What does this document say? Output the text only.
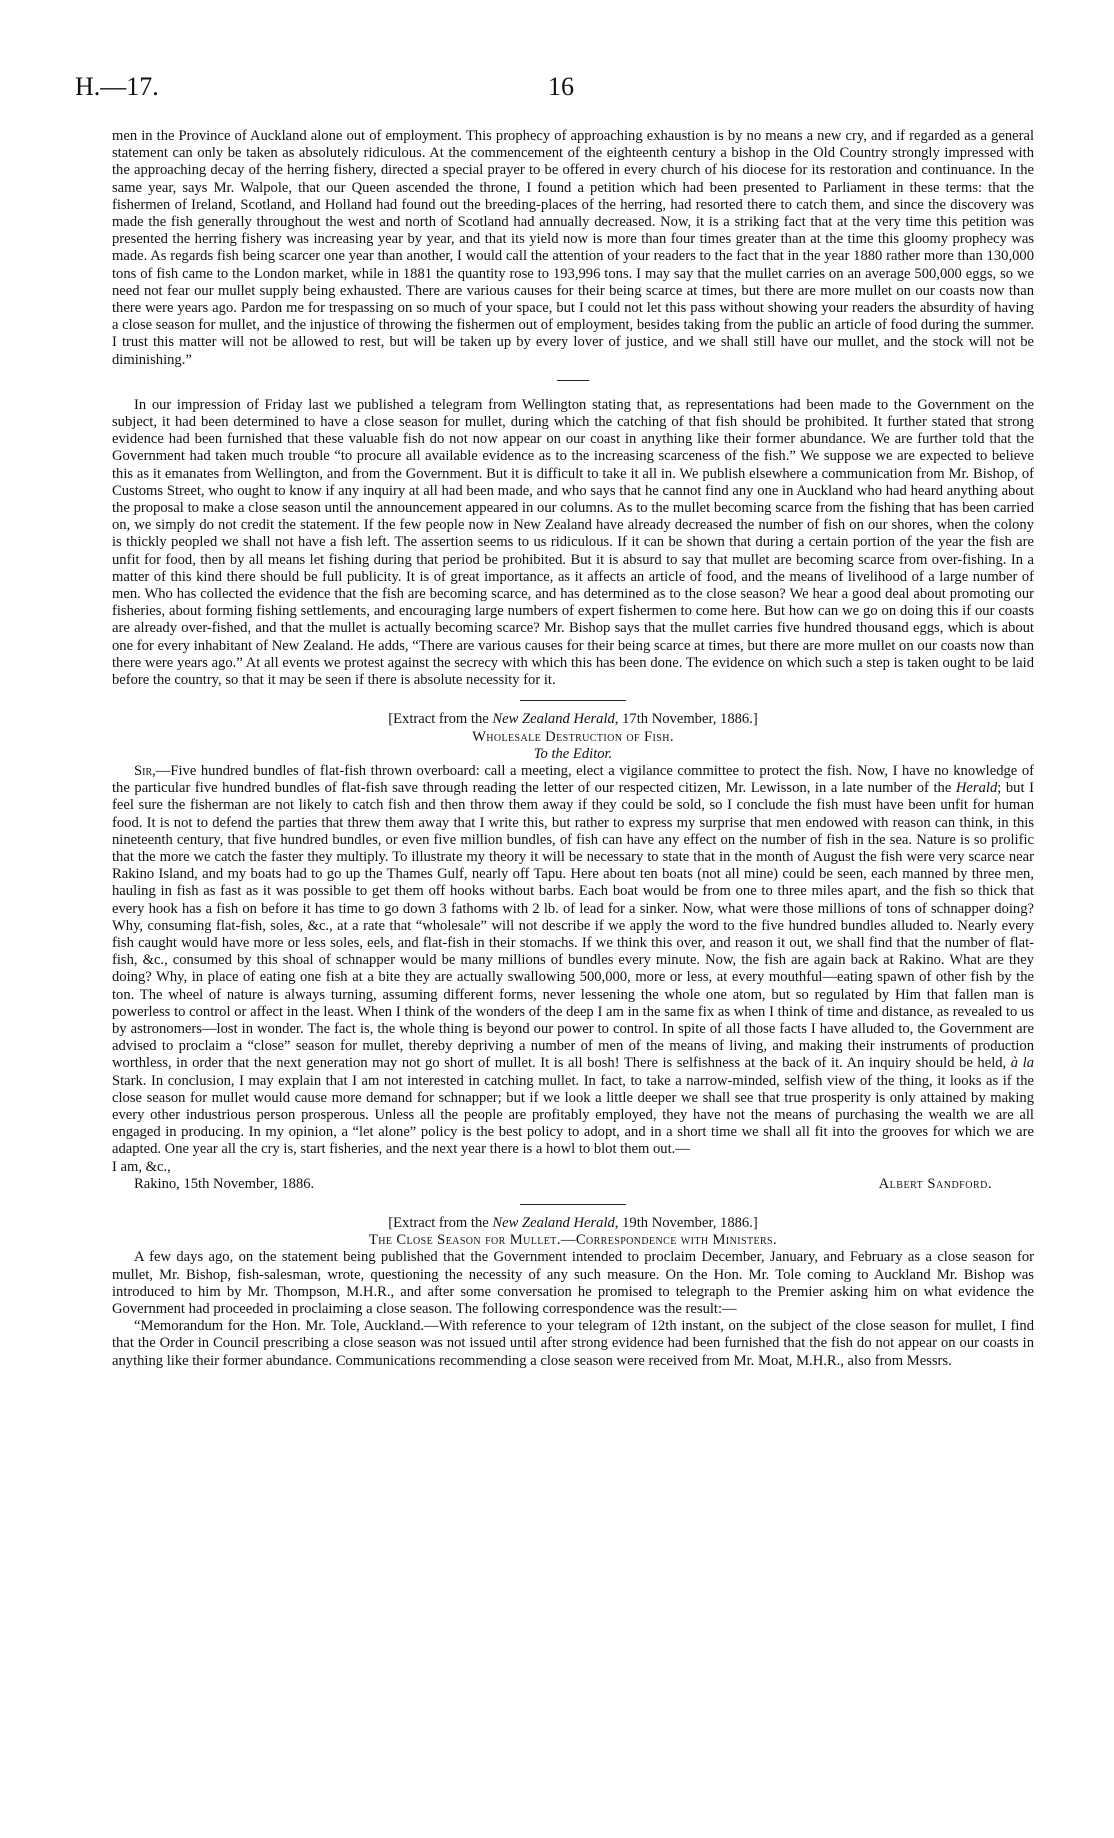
H.—17.	16

men in the Province of Auckland alone out of employment. This prophecy of approaching exhaustion is by no means a new cry, and if regarded as a general statement can only be taken as absolutely ridiculous. At the commencement of the eighteenth century a bishop in the Old Country strongly impressed with the approaching decay of the herring fishery, directed a special prayer to be offered in every church of his diocese for its restoration and continuance. In the same year, says Mr. Walpole, that our Queen ascended the throne, I found a petition which had been presented to Parliament in these terms: that the fishermen of Ireland, Scotland, and Holland had found out the breeding-places of the herring, had resorted there to catch them, and since the discovery was made the fish generally throughout the west and north of Scotland had annually decreased. Now, it is a striking fact that at the very time this petition was presented the herring fishery was increasing year by year, and that its yield now is more than four times greater than at the time this gloomy prophecy was made. As regards fish being scarcer one year than another, I would call the attention of your readers to the fact that in the year 1880 rather more than 130,000 tons of fish came to the London market, while in 1881 the quantity rose to 193,996 tons. I may say that the mullet carries on an average 500,000 eggs, so we need not fear our mullet supply being exhausted. There are various causes for their being scarce at times, but there are more mullet on our coasts now than there were years ago. Pardon me for trespassing on so much of your space, but I could not let this pass without showing your readers the absurdity of having a close season for mullet, and the injustice of throwing the fishermen out of employment, besides taking from the public an article of food during the summer. I trust this matter will not be allowed to rest, but will be taken up by every lover of justice, and we shall still have our mullet, and the stock will not be diminishing.”

In our impression of Friday last we published a telegram from Wellington stating that, as representations had been made to the Government on the subject, it had been determined to have a close season for mullet, during which the catching of that fish should be prohibited. It further stated that strong evidence had been furnished that these valuable fish do not now appear on our coast in anything like their former abundance. We are further told that the Government had taken much trouble “to procure all available evidence as to the increasing scarceness of the fish.” We suppose we are expected to believe this as it emanates from Wellington, and from the Government. But it is difficult to take it all in. We publish elsewhere a communication from Mr. Bishop, of Customs Street, who ought to know if any inquiry at all had been made, and who says that he cannot find any one in Auckland who had heard anything about the proposal to make a close season until the announcement appeared in our columns. As to the mullet becoming scarce from the fishing that has been carried on, we simply do not credit the statement. If the few people now in New Zealand have already decreased the number of fish on our shores, when the colony is thickly peopled we shall not have a fish left. The assertion seems to us ridiculous. If it can be shown that during a certain portion of the year the fish are unfit for food, then by all means let fishing during that period be prohibited. But it is absurd to say that mullet are becoming scarce from over-fishing. In a matter of this kind there should be full publicity. It is of great importance, as it affects an article of food, and the means of livelihood of a large number of men. Who has collected the evidence that the fish are becoming scarce, and has determined as to the close season? We hear a good deal about promoting our fisheries, about forming fishing settlements, and encouraging large numbers of expert fishermen to come here. But how can we go on doing this if our coasts are already over-fished, and that the mullet is actually becoming scarce? Mr. Bishop says that the mullet carries five hundred thousand eggs, which is about one for every inhabitant of New Zealand. He adds, “There are various causes for their being scarce at times, but there are more mullet on our coasts now than there were years ago.” At all events we protest against the secrecy with which this has been done. The evidence on which such a step is taken ought to be laid before the country, so that it may be seen if there is absolute necessity for it.

[Extract from the New Zealand Herald, 17th November, 1886.]

Wholesale Destruction of Fish.

To the Editor.

Sir,—Five hundred bundles of flat-fish thrown overboard: call a meeting, elect a vigilance committee to protect the fish. Now, I have no knowledge of the particular five hundred bundles of flat-fish save through reading the letter of our respected citizen, Mr. Lewisson, in a late number of the Herald; but I feel sure the fisherman are not likely to catch fish and then throw them away if they could be sold, so I conclude the fish must have been unfit for human food. It is not to defend the parties that threw them away that I write this, but rather to express my surprise that men endowed with reason can think, in this nineteenth century, that five hundred bundles, or even five million bundles, of fish can have any effect on the number of fish in the sea. Nature is so prolific that the more we catch the faster they multiply. To illustrate my theory it will be necessary to state that in the month of August the fish were very scarce near Rakino Island, and my boats had to go up the Thames Gulf, nearly off Tapu. Here about ten boats (not all mine) could be seen, each manned by three men, hauling in fish as fast as it was possible to get them off hooks without barbs. Each boat would be from one to three miles apart, and the fish so thick that every hook has a fish on before it has time to go down 3 fathoms with 2 lb. of lead for a sinker. Now, what were those millions of tons of schnapper doing? Why, consuming flat-fish, soles, &c., at a rate that “wholesale” will not describe if we apply the word to the five hundred bundles alluded to. Nearly every fish caught would have more or less soles, eels, and flat-fish in their stomachs. If we think this over, and reason it out, we shall find that the number of flat-fish, &c., consumed by this shoal of schnapper would be many millions of bundles every minute. Now, the fish are again back at Rakino. What are they doing? Why, in place of eating one fish at a bite they are actually swallowing 500,000, more or less, at every mouthful—eating spawn of other fish by the ton. The wheel of nature is always turning, assuming different forms, never lessening the whole one atom, but so regulated by Him that fallen man is powerless to control or affect in the least. When I think of the wonders of the deep I am in the same fix as when I think of time and distance, as revealed to us by astronomers—lost in wonder. The fact is, the whole thing is beyond our power to control. In spite of all those facts I have alluded to, the Government are advised to proclaim a “close” season for mullet, thereby depriving a number of men of the means of living, and making their instruments of production worthless, in order that the next generation may not go short of mullet. It is all bosh! There is selfishness at the back of it. An inquiry should be held, à la Stark. In conclusion, I may explain that I am not interested in catching mullet. In fact, to take a narrow-minded, selfish view of the thing, it looks as if the close season for mullet would cause more demand for schnapper; but if we look a little deeper we shall see that true prosperity is only attained by making every other industrious person prosperous. Unless all the people are profitably employed, they have not the means of purchasing the wealth we are all engaged in producing. In my opinion, a “let alone” policy is the best policy to adopt, and in a short time we shall all fit into the grooves for which we are adapted. One year all the cry is, start fisheries, and the next year there is a howl to blot them out.—

I am, &c.,

Rakino, 15th November, 1886.	Albert Sandford.

[Extract from the New Zealand Herald, 19th November, 1886.]

The Close Season for Mullet.—Correspondence with Ministers.

A few days ago, on the statement being published that the Government intended to proclaim December, January, and February as a close season for mullet, Mr. Bishop, fish-salesman, wrote, questioning the necessity of any such measure. On the Hon. Mr. Tole coming to Auckland Mr. Bishop was introduced to him by Mr. Thompson, M.H.R., and after some conversation he promised to telegraph to the Premier asking him on what evidence the Government had proceeded in proclaiming a close season. The following correspondence was the result:—

“Memorandum for the Hon. Mr. Tole, Auckland.—With reference to your telegram of 12th instant, on the subject of the close season for mullet, I find that the Order in Council prescribing a close season was not issued until after strong evidence had been furnished that the fish do not appear on our coasts in anything like their former abundance. Communications recommending a close season were received from Mr. Moat, M.H.R., also from Messrs.
